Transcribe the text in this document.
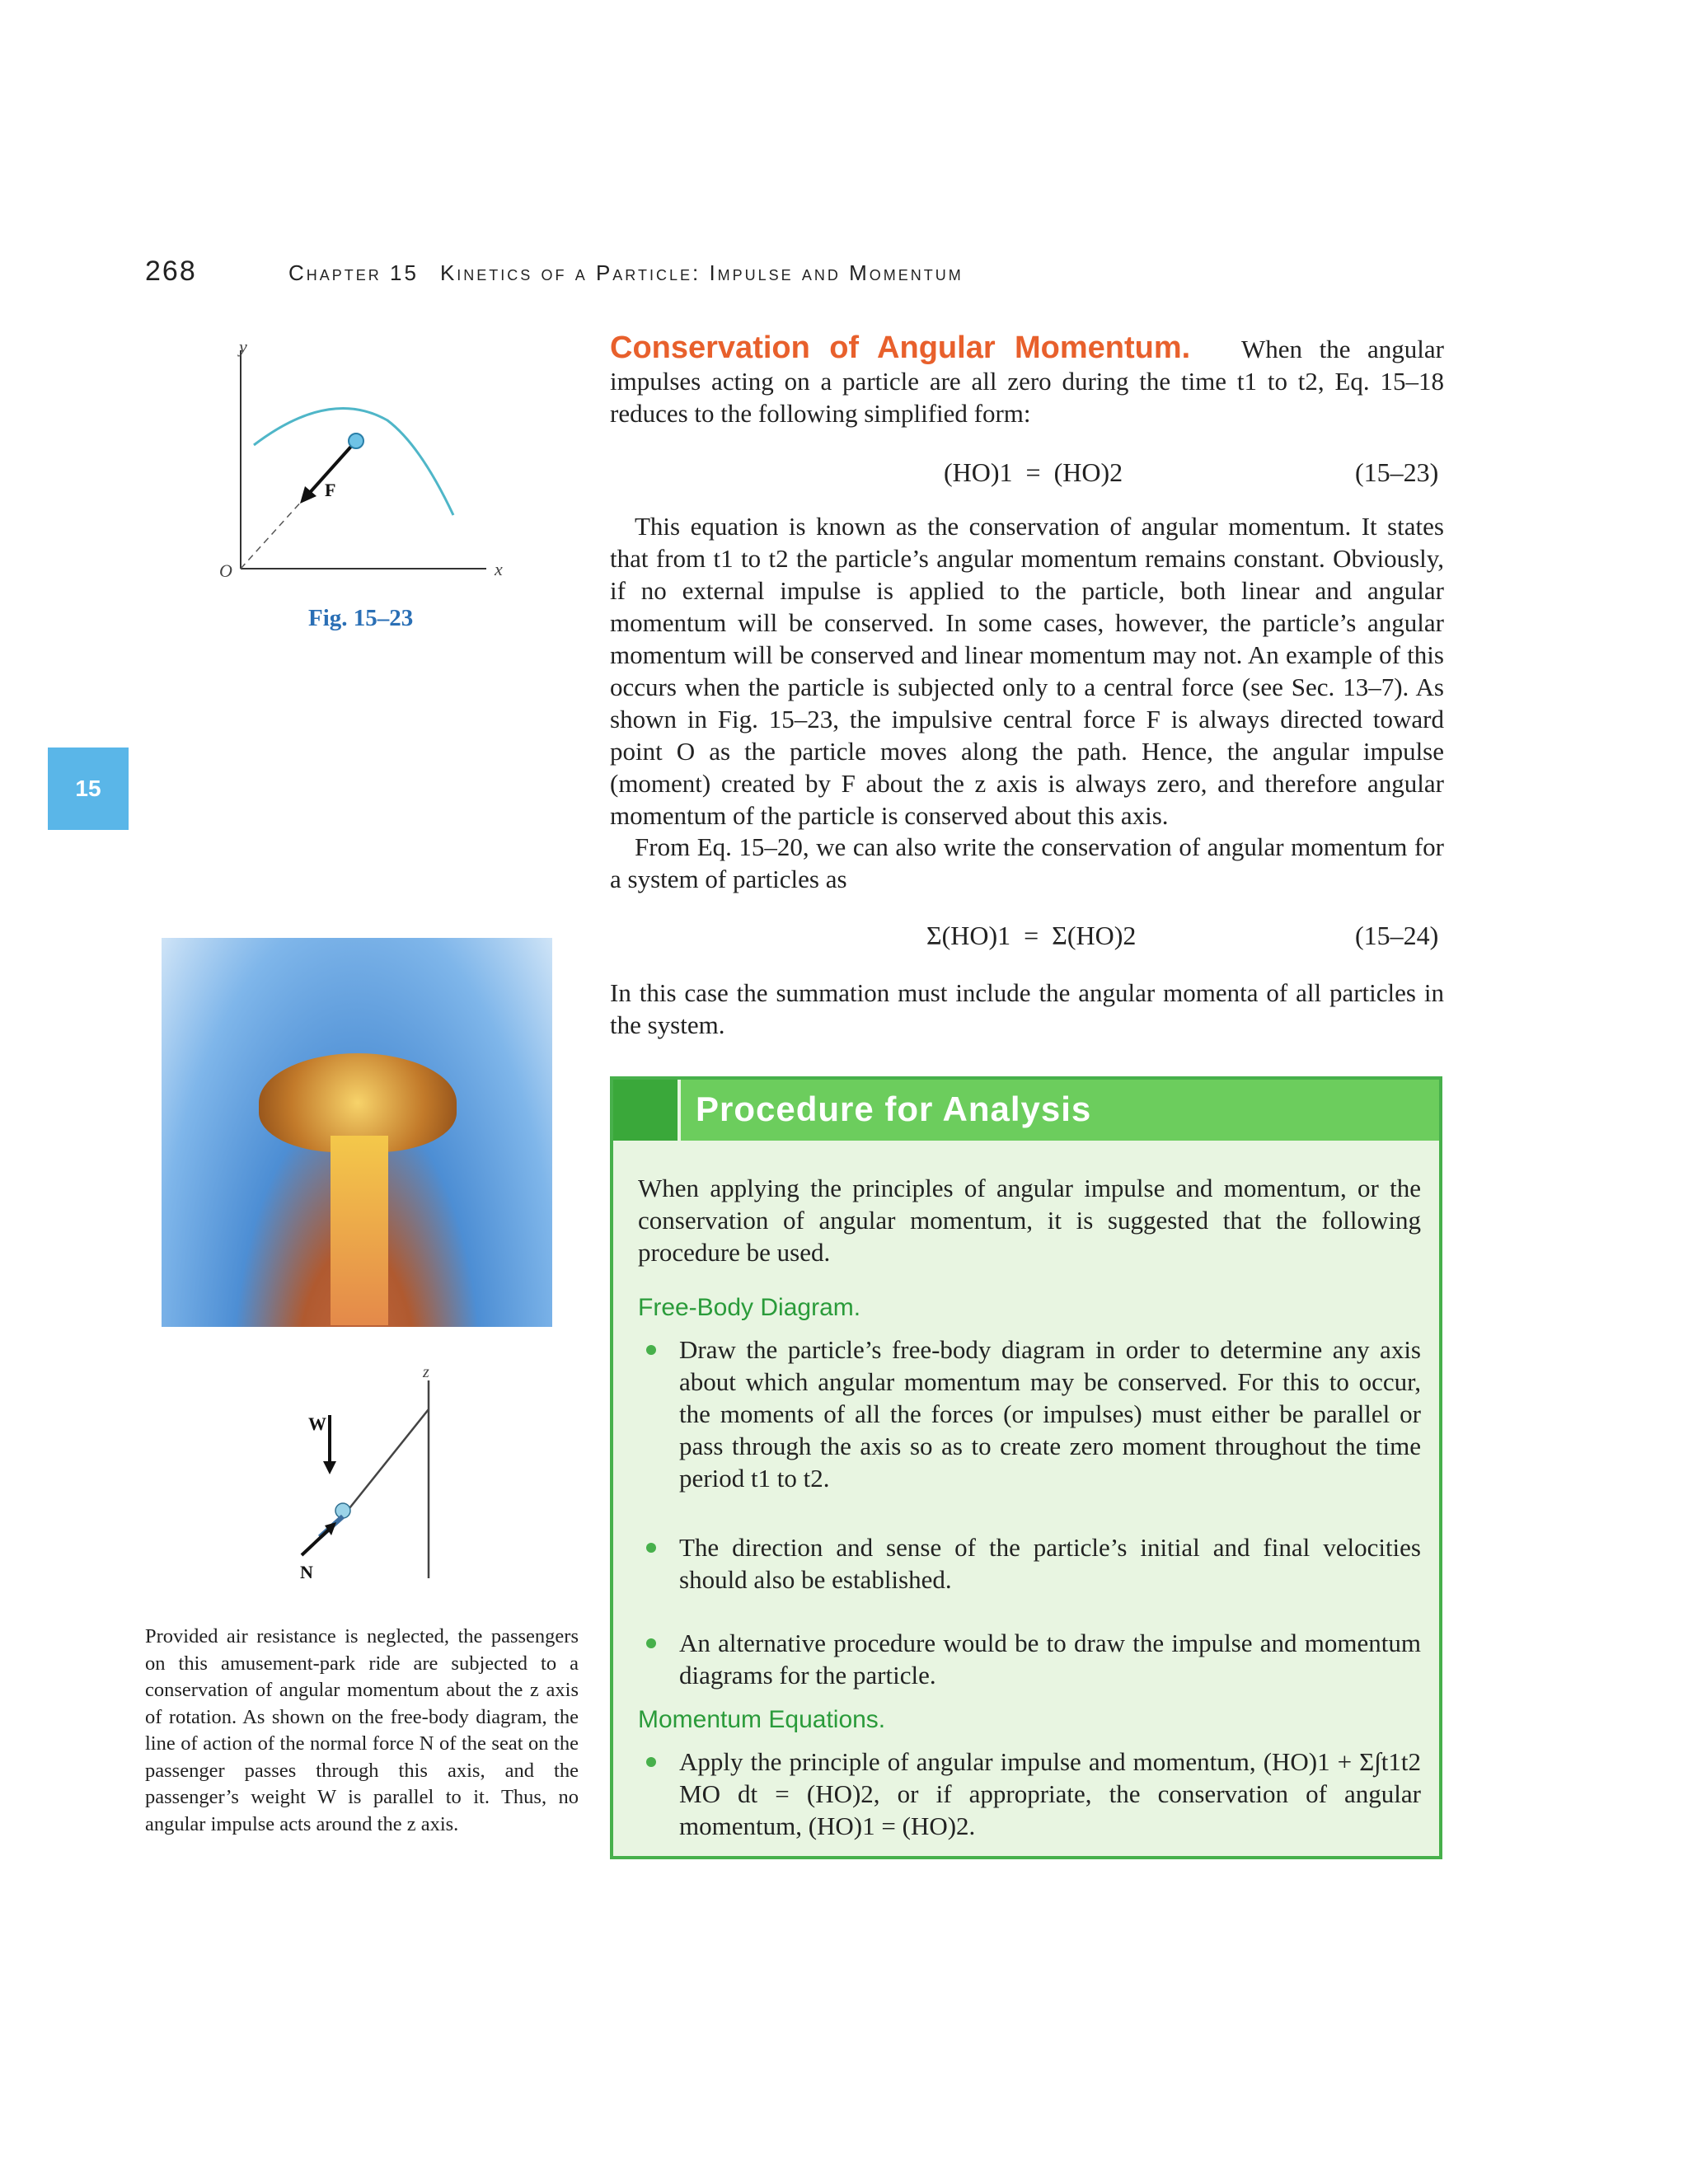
268	Chapter 15 Kinetics of a Particle: Impulse and Momentum
y
x
O
F
Fig. 15–23
15
Conservation of Angular Momentum. When the angular impulses acting on a particle are all zero during the time t1 to t2, Eq. 15–18 reduces to the following simplified form:
(HO)1  =  (HO)2	(15–23)
This equation is known as the conservation of angular momentum. It states that from t1 to t2 the particle’s angular momentum remains constant. Obviously, if no external impulse is applied to the particle, both linear and angular momentum will be conserved. In some cases, however, the particle’s angular momentum will be conserved and linear momentum may not. An example of this occurs when the particle is subjected only to a central force (see Sec. 13–7). As shown in Fig. 15–23, the impulsive central force F is always directed toward point O as the particle moves along the path. Hence, the angular impulse (moment) created by F about the z axis is always zero, and therefore angular momentum of the particle is conserved about this axis.
From Eq. 15–20, we can also write the conservation of angular momentum for a system of particles as
Σ(HO)1  =  Σ(HO)2	(15–24)
In this case the summation must include the angular momenta of all particles in the system.
z
W
N
Provided air resistance is neglected, the passengers on this amusement-park ride are subjected to a conservation of angular momentum about the z axis of rotation. As shown on the free-body diagram, the line of action of the normal force N of the seat on the passenger passes through this axis, and the passenger’s weight W is parallel to it. Thus, no angular impulse acts around the z axis.
Procedure for Analysis
When applying the principles of angular impulse and momentum, or the conservation of angular momentum, it is suggested that the following procedure be used.
Free-Body Diagram.
Draw the particle’s free-body diagram in order to determine any axis about which angular momentum may be conserved. For this to occur, the moments of all the forces (or impulses) must either be parallel or pass through the axis so as to create zero moment throughout the time period t1 to t2.
The direction and sense of the particle’s initial and final velocities should also be established.
An alternative procedure would be to draw the impulse and momentum diagrams for the particle.
Momentum Equations.
Apply the principle of angular impulse and momentum, (HO)1 + Σ∫t1t2 MO dt = (HO)2, or if appropriate, the conservation of angular momentum, (HO)1 = (HO)2.
